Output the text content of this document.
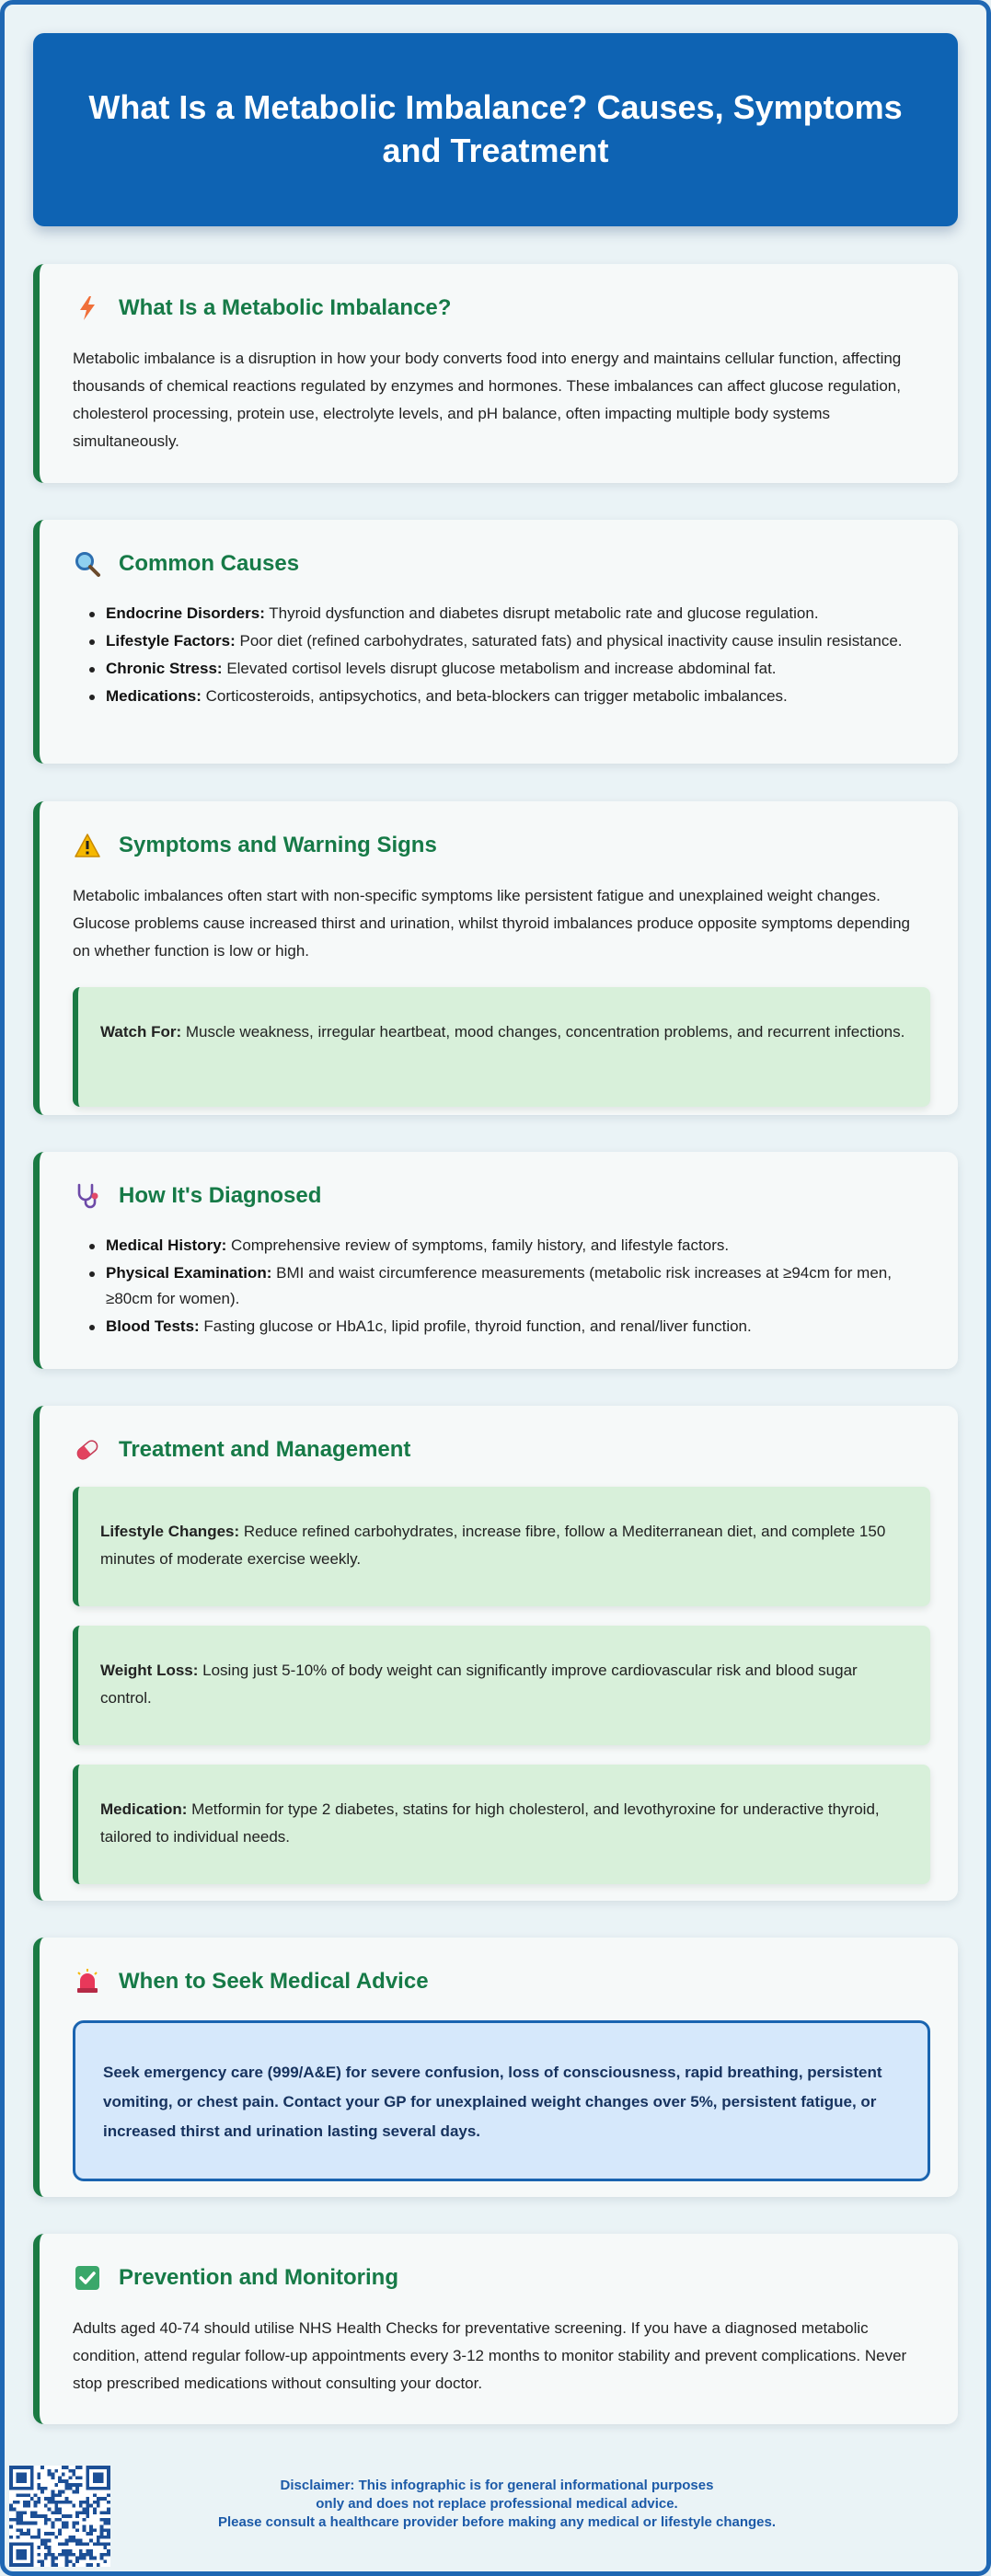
What Is a Metabolic Imbalance? Causes, Symptoms and Treatment
What Is a Metabolic Imbalance?

Metabolic imbalance is a disruption in how your body converts food into energy and maintains cellular function, affecting thousands of chemical reactions regulated by enzymes and hormones. These imbalances can affect glucose regulation, cholesterol processing, protein use, electrolyte levels, and pH balance, often impacting multiple body systems simultaneously.

Common Causes
Endocrine Disorders: Thyroid dysfunction and diabetes disrupt metabolic rate and glucose regulation.
Lifestyle Factors: Poor diet (refined carbohydrates, saturated fats) and physical inactivity cause insulin resistance.
Chronic Stress: Elevated cortisol levels disrupt glucose metabolism and increase abdominal fat.
Medications: Corticosteroids, antipsychotics, and beta-blockers can trigger metabolic imbalances.
Symptoms and Warning Signs

Metabolic imbalances often start with non-specific symptoms like persistent fatigue and unexplained weight changes. Glucose problems cause increased thirst and urination, whilst thyroid imbalances produce opposite symptoms depending on whether function is low or high.

Watch For: Muscle weakness, irregular heartbeat, mood changes, concentration problems, and recurrent infections.
How It's Diagnosed
Medical History: Comprehensive review of symptoms, family history, and lifestyle factors.
Physical Examination: BMI and waist circumference measurements (metabolic risk increases at ≥94cm for men, ≥80cm for women).
Blood Tests: Fasting glucose or HbA1c, lipid profile, thyroid function, and renal/liver function.
Treatment and Management
Lifestyle Changes: Reduce refined carbohydrates, increase fibre, follow a Mediterranean diet, and complete 150 minutes of moderate exercise weekly.
Weight Loss: Losing just 5-10% of body weight can significantly improve cardiovascular risk and blood sugar control.
Medication: Metformin for type 2 diabetes, statins for high cholesterol, and levothyroxine for underactive thyroid, tailored to individual needs.
When to Seek Medical Advice
Seek emergency care (999/A&E) for severe confusion, loss of consciousness, rapid breathing, persistent vomiting, or chest pain. Contact your GP for unexplained weight changes over 5%, persistent fatigue, or increased thirst and urination lasting several days.
Prevention and Monitoring

Adults aged 40-74 should utilise NHS Health Checks for preventative screening. If you have a diagnosed metabolic condition, attend regular follow-up appointments every 3-12 months to monitor stability and prevent complications. Never stop prescribed medications without consulting your doctor.

Disclaimer: This infographic is for general informational purposes
only and does not replace professional medical advice.
Please consult a healthcare provider before making any medical or lifestyle changes.
